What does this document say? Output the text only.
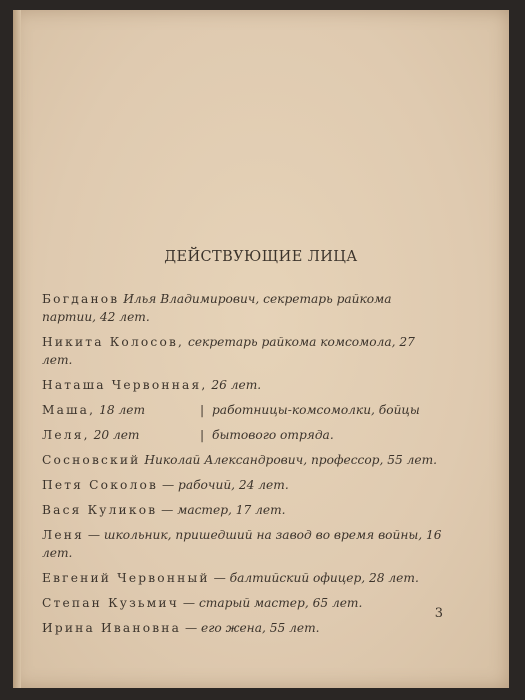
ДЕЙСТВУЮЩИЕ ЛИЦА
Богданов Илья Владимирович, секретарь райкома партии, 42 лет.
Никита Колосов, секретарь райкома комсомола, 27 лет.
Наташа Червонная, 26 лет.
Маша, 18 лет	| работницы-комсомолки, бойцы
Леля, 20 лет	| бытового отряда.
Сосновский Николай Александрович, профессор, 55 лет.
Петя Соколов — рабочий, 24 лет.
Вася Куликов — мастер, 17 лет.
Леня — школьник, пришедший на завод во время войны, 16 лет.
Евгений Червонный — балтийский офицер, 28 лет.
Степан Кузьмич — старый мастер, 65 лет.
Ирина Ивановна — его жена, 55 лет.
3
